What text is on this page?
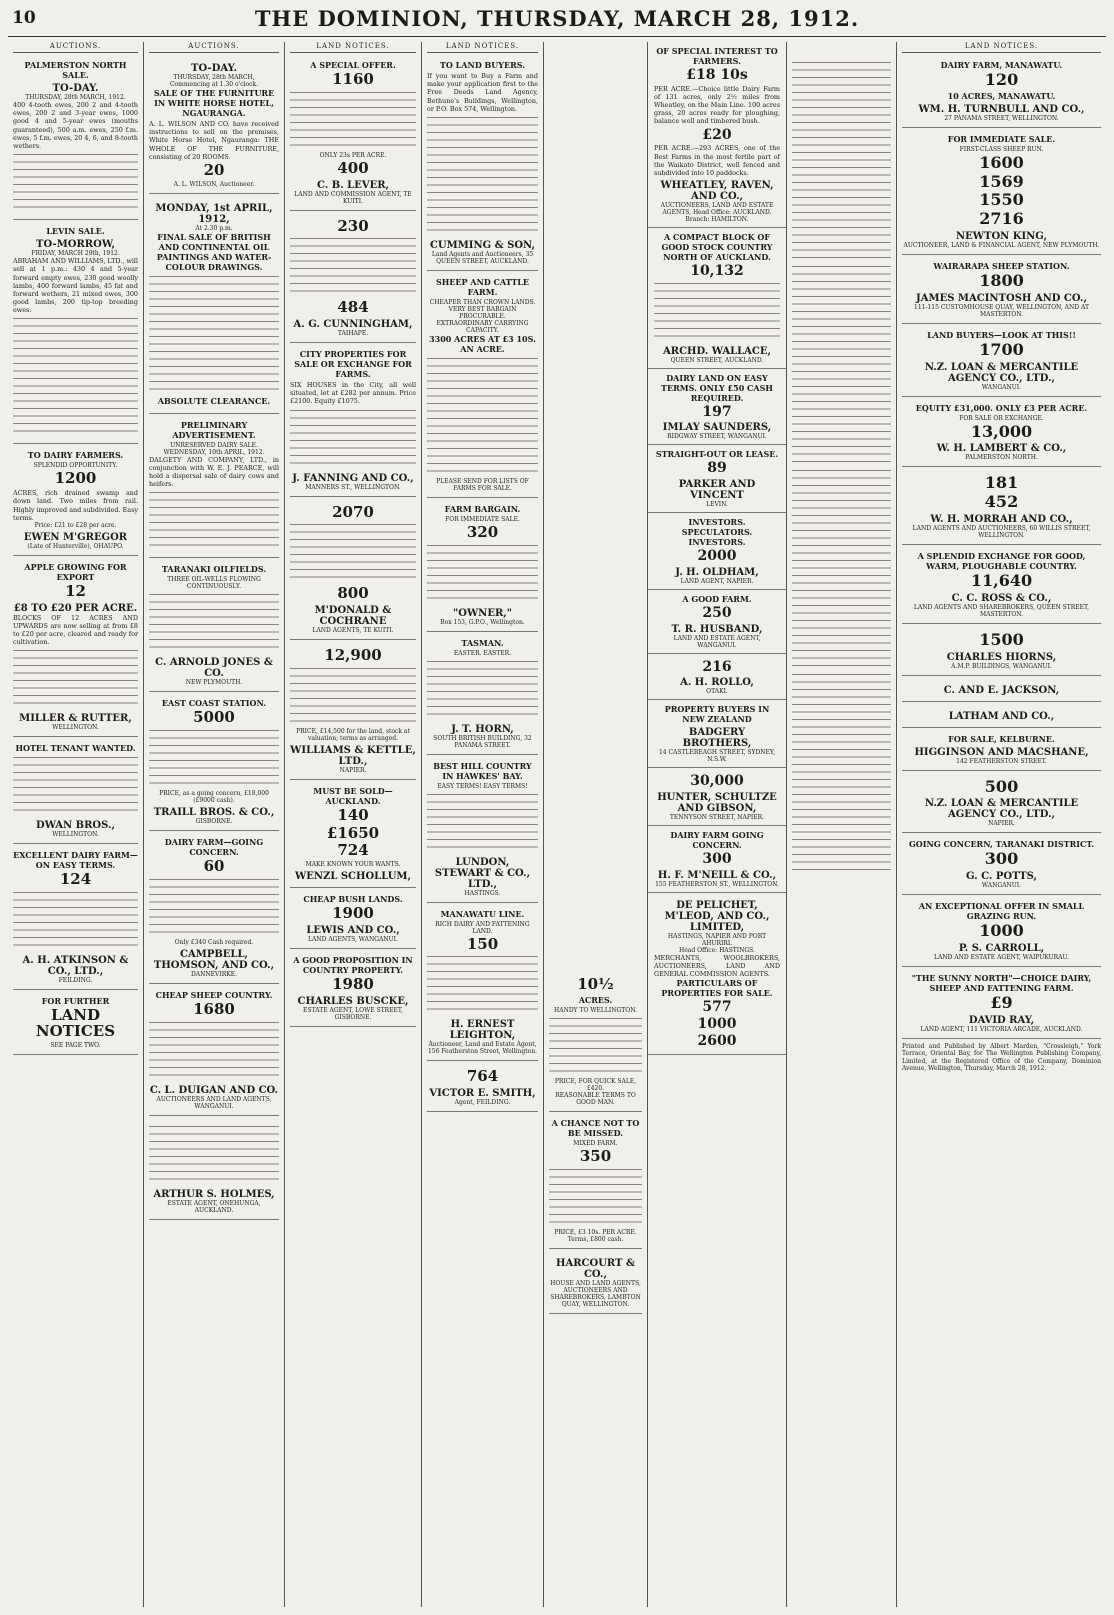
10	THE DOMINION, THURSDAY, MARCH 28, 1912.
AUCTIONS.
PALMERSTON NORTH SALE.
TO-DAY.
THURSDAY, 28th MARCH, 1912.
400 4-tooth ewes, 200 2 and 4-tooth ewes, 200 2 and 3-year ewes, 1000 good 4 and 5-year ewes (mouths guaranteed), 500 a.m. ewes, 250 f.m. ewes, 5 f.m. ewes, 20 4, 6, and 8-tooth wethers.
LEVIN SALE.
TO-MORROW,
FRIDAY, MARCH 29th, 1912.
ABRAHAM AND WILLIAMS, LTD., will sell at 1 p.m.: 430 4 and 5-year forward empty ewes, 230 good woolly lambs, 400 forward lambs, 45 fat and forward wethers, 21 mixed ewes, 300 good lambs, 200 tip-top breeding ewes.
TO DAIRY FARMERS.
SPLENDID OPPORTUNITY.
1200
ACRES, rich drained swamp and down land. Two miles from rail. Highly improved and subdivided. Easy terms.
Price: £21 to £28 per acre.
EWEN M'GREGOR
(Late of Hunterville), OHAUPO.
APPLE GROWING FOR EXPORT
12
£8 TO £20 PER ACRE.
BLOCKS OF 12 ACRES AND UPWARDS are now selling at from £8 to £20 per acre, cleared and ready for cultivation.
MILLER & RUTTER,
WELLINGTON.
HOTEL TENANT WANTED.
DWAN BROS.,
WELLINGTON.
EXCELLENT DAIRY FARM—ON EASY TERMS.
124
A. H. ATKINSON & CO., LTD.,
FEILDING.
FOR FURTHER
LAND NOTICES
SEE PAGE TWO.
AUCTIONS.
TO-DAY.
THURSDAY, 28th MARCH,
Commencing at 1.30 o'clock.
SALE OF THE FURNITURE IN WHITE HORSE HOTEL, NGAURANGA.
A. L. WILSON AND CO. have received instructions to sell on the premises, White Horse Hotel, Ngauranga: THE WHOLE OF THE FURNITURE, consisting of 20 ROOMS.
20
A. L. WILSON, Auctioneer.
MONDAY, 1st APRIL, 1912,
At 2.30 p.m.
FINAL SALE OF BRITISH AND CONTINENTAL OIL PAINTINGS AND WATER-COLOUR DRAWINGS.
ABSOLUTE CLEARANCE.
PRELIMINARY ADVERTISEMENT.
UNRESERVED DAIRY SALE.
WEDNESDAY, 10th APRIL, 1912.
DALGETY AND COMPANY, LTD., in conjunction with W. E. J. PEARCE, will hold a dispersal sale of dairy cows and heifers.
TARANAKI OILFIELDS.
THREE OIL-WELLS FLOWING CONTINUOUSLY.
C. ARNOLD JONES & CO.
NEW PLYMOUTH.
EAST COAST STATION.
5000
PRICE, as a going concern, £18,000 (£9000 cash).
TRAILL BROS. & CO.,
GISBORNE.
DAIRY FARM—GOING CONCERN.
60
Only £340 Cash required.
CAMPBELL, THOMSON, AND CO.,
DANNEVIRKE.
CHEAP SHEEP COUNTRY.
1680
C. L. DUIGAN AND CO.
AUCTIONEERS AND LAND AGENTS, WANGANUI.
ARTHUR S. HOLMES,
ESTATE AGENT, ONEHUNGA, AUCKLAND.
LAND NOTICES.
A SPECIAL OFFER.
1160
ONLY 23s PER ACRE.
400
C. B. LEVER,
LAND AND COMMISSION AGENT, TE KUITI.
230
484
A. G. CUNNINGHAM,
TAIHAPE.
CITY PROPERTIES FOR SALE OR EXCHANGE FOR FARMS.
SIX HOUSES in the City, all well situated, let at £282 per annum. Price £2100. Equity £1075.
J. FANNING AND CO.,
MANNERS ST., WELLINGTON.
2070
800
M'DONALD & COCHRANE
LAND AGENTS, TE KUITI.
12,900
PRICE, £14,500 for the land, stock at valuation; terms as arranged.
WILLIAMS & KETTLE, LTD.,
NAPIER.
MUST BE SOLD—AUCKLAND.
140
£1650
724
MAKE KNOWN YOUR WANTS.
WENZL SCHOLLUM,
CHEAP BUSH LANDS.
1900
LEWIS AND CO.,
LAND AGENTS, WANGANUI.
A GOOD PROPOSITION IN COUNTRY PROPERTY.
1980
CHARLES BUSCKE,
ESTATE AGENT, LOWE STREET, GISBORNE.
LAND NOTICES.
TO LAND BUYERS.
If you want to Buy a Farm and make your application first to the Free Deeds Land Agency, Bethune's Buildings, Wellington, or P.O. Box 574, Wellington.
CUMMING & SON,
Land Agents and Auctioneers, 35 QUEEN STREET, AUCKLAND.
SHEEP AND CATTLE FARM.
CHEAPER THAN CROWN LANDS.
VERY BEST BARGAIN PROCURABLE.
EXTRAORDINARY CARRYING CAPACITY.
3300 ACRES AT £3 10S. AN ACRE.
PLEASE SEND FOR LISTS OF FARMS FOR SALE.
FARM BARGAIN.
FOR IMMEDIATE SALE.
320
"OWNER,"
Box 153, G.P.O., Wellington.
TASMAN.
EASTER. EASTER.
J. T. HORN,
SOUTH BRITISH BUILDING, 32 PANAMA STREET.
BEST HILL COUNTRY IN HAWKES' BAY.
EASY TERMS! EASY TERMS!
LUNDON, STEWART & CO., LTD.,
HASTINGS.
MANAWATU LINE.
RICH DAIRY AND FATTENING LAND.
150
H. ERNEST LEIGHTON,
Auctioneer, Land and Estate Agent, 156 Featherston Street, Wellington.
764
VICTOR E. SMITH,
Agent, FEILDING.
10½
ACRES.
HANDY TO WELLINGTON.
PRICE, FOR QUICK SALE, £420.
REASONABLE TERMS TO GOOD MAN.
A CHANCE NOT TO BE MISSED.
MIXED FARM.
350
PRICE, £3 10s. PER ACRE.
Terms, £800 cash.
HARCOURT & CO.,
HOUSE AND LAND AGENTS, AUCTIONEERS AND SHAREBROKERS, LAMBTON QUAY, WELLINGTON.
OF SPECIAL INTEREST TO FARMERS.
£18 10s
PER ACRE.—Choice little Dairy Farm of 131 acres, only 2½ miles from Wheatley, on the Main Line. 100 acres grass, 20 acres ready for ploughing, balance well and timbered bush.
£20
PER ACRE.—293 ACRES, one of the Best Farms in the most fertile part of the Waikato District, well fenced and subdivided into 10 paddocks.
WHEATLEY, RAVEN, AND CO.,
AUCTIONEERS, LAND AND ESTATE AGENTS, Head Office: AUCKLAND. Branch: HAMILTON.
A COMPACT BLOCK OF GOOD STOCK COUNTRY NORTH OF AUCKLAND.
10,132
ARCHD. WALLACE,
QUEEN STREET, AUCKLAND.
DAIRY LAND ON EASY TERMS. ONLY £50 CASH REQUIRED.
197
IMLAY SAUNDERS,
RIDGWAY STREET, WANGANUI.
STRAIGHT-OUT OR LEASE.
89
PARKER AND VINCENT
LEVIN.
INVESTORS. SPECULATORS. INVESTORS.
2000
J. H. OLDHAM,
LAND AGENT, NAPIER.
A GOOD FARM.
250
T. R. HUSBAND,
LAND AND ESTATE AGENT, WANGANUI.
216
A. H. ROLLO,
OTAKI.
PROPERTY BUYERS IN NEW ZEALAND
BADGERY BROTHERS,
14 CASTLEREAGH STREET, SYDNEY, N.S.W.
30,000
HUNTER, SCHULTZE AND GIBSON,
TENNYSON STREET, NAPIER.
DAIRY FARM GOING CONCERN.
300
H. F. M'NEILL & CO.,
155 FEATHERSTON ST., WELLINGTON.
DE PELICHET, M'LEOD, AND CO., LIMITED,
HASTINGS, NAPIER AND PORT AHURIRI.
Head Office: HASTINGS.
MERCHANTS, WOOLBROKERS, AUCTIONEERS, LAND AND GENERAL COMMISSION AGENTS.
PARTICULARS OF PROPERTIES FOR SALE.
577
1000
2600
LAND NOTICES.
DAIRY FARM, MANAWATU.
120
10 ACRES, MANAWATU.
WM. H. TURNBULL AND CO.,
27 PANAMA STREET, WELLINGTON.
FOR IMMEDIATE SALE.
FIRST-CLASS SHEEP RUN.
1600
1569
1550
2716
NEWTON KING,
AUCTIONEER, LAND & FINANCIAL AGENT, NEW PLYMOUTH.
WAIRARAPA SHEEP STATION.
1800
JAMES MACINTOSH AND CO.,
111-115 CUSTOMHOUSE QUAY, WELLINGTON, AND AT MASTERTON.
LAND BUYERS—LOOK AT THIS!!
1700
N.Z. LOAN & MERCANTILE AGENCY CO., LTD.,
WANGANUI.
EQUITY £31,000. ONLY £3 PER ACRE.
FOR SALE OR EXCHANGE.
13,000
W. H. LAMBERT & CO.,
PALMERSTON NORTH.
181
452
W. H. MORRAH AND CO.,
LAND AGENTS AND AUCTIONEERS, 60 WILLIS STREET, WELLINGTON.
A SPLENDID EXCHANGE FOR GOOD, WARM, PLOUGHABLE COUNTRY.
11,640
C. C. ROSS & CO.,
LAND AGENTS AND SHAREBROKERS, QUEEN STREET, MASTERTON.
1500
CHARLES HIORNS,
A.M.P. BUILDINGS, WANGANUI.
C. AND E. JACKSON,
LATHAM AND CO.,
FOR SALE, KELBURNE.
HIGGINSON AND MACSHANE,
142 FEATHERSTON STREET.
500
N.Z. LOAN & MERCANTILE AGENCY CO., LTD.,
NAPIER.
GOING CONCERN, TARANAKI DISTRICT.
300
G. C. POTTS,
WANGANUI.
AN EXCEPTIONAL OFFER IN SMALL GRAZING RUN.
1000
P. S. CARROLL,
LAND AND ESTATE AGENT, WAIPUKURAU.
"THE SUNNY NORTH"—CHOICE DAIRY, SHEEP AND FATTENING FARM.
£9
DAVID RAY,
LAND AGENT, 111 VICTORIA ARCADE, AUCKLAND.
Printed and Published by Albert Marden, "Crossleigh," York Terrace, Oriental Bay, for The Wellington Publishing Company, Limited, at the Registered Office of the Company, Dominion Avenue, Wellington, Thursday, March 28, 1912.
